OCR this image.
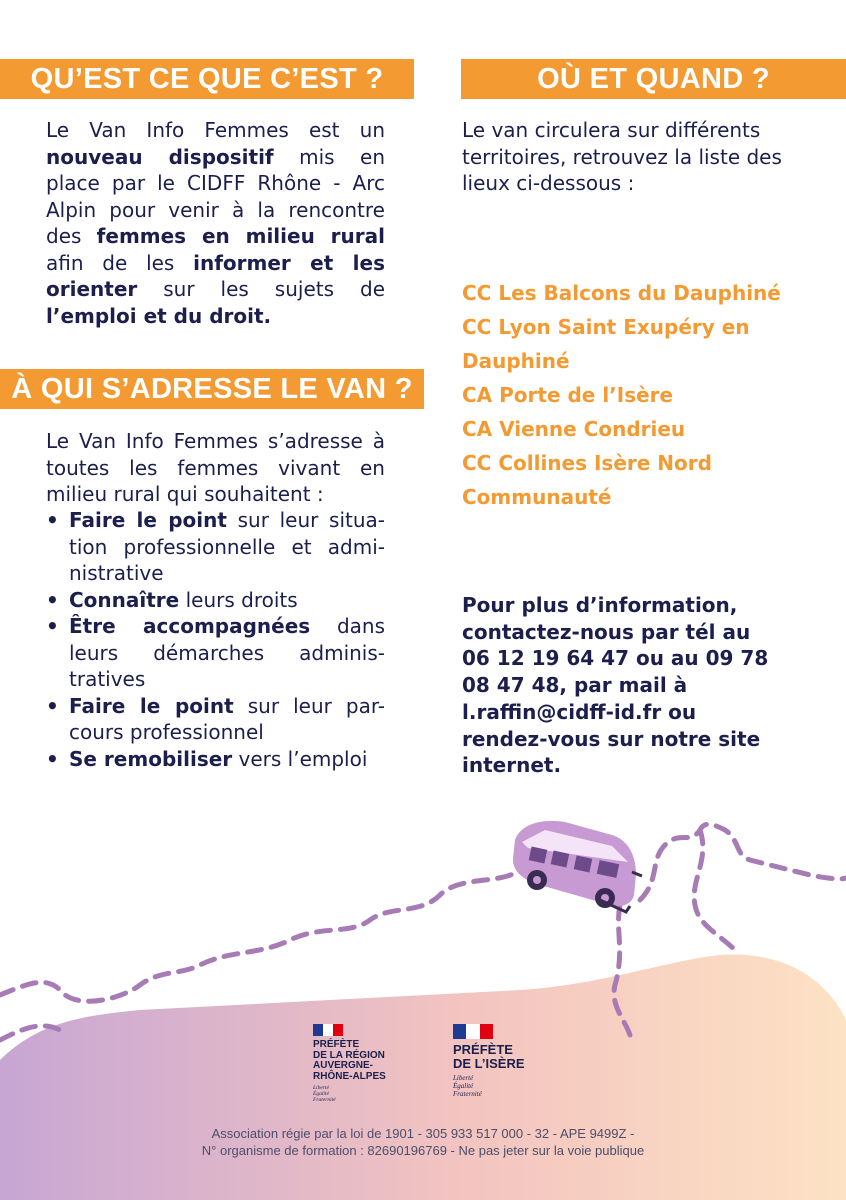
QU’EST CE QUE C’EST ?

Le Van Info Femmes est un nouveau dispositif mis en place par le CIDFF Rhône - Arc Alpin pour venir à la rencontre des femmes en milieu rural afin de les informer et les orienter sur les sujets de l’emploi et du droit.

OÙ ET QUAND ?

Le van circulera sur différents territoires, retrouvez la liste des lieux ci-dessous :

CC Les Balcons du Dauphiné
CC Lyon Saint Exupéry en
Dauphiné
CA Porte de l’Isère
CA Vienne Condrieu
CC Collines Isère Nord
Communauté
À QUI S’ADRESSE LE VAN ?

Le Van Info Femmes s’adresse à toutes les femmes vivant en milieu rural qui souhaitent :

• Faire le point sur leur situa-tion professionnelle et admi-nistrative
• Connaître leurs droits
• Être accompagnées dans leurs démarches adminis-tratives
• Faire le point sur leur par-cours professionnel
• Se remobiliser vers l’emploi

Pour plus d’information, contactez-nous par tél au 06 12 19 64 47 ou au 09 78 08 47 48, par mail à l.raffin@cidff-id.fr ou rendez-vous sur notre site internet.

PRÉFÈTE
DE LA RÉGION
AUVERGNE-
RHÔNE-ALPES
Liberté
Égalité
Fraternité
PRÉFÈTE
DE L’ISÈRE
Liberté
Égalité
Fraternité
Association régie par la loi de 1901 - 305 933 517 000 - 32 - APE 9499Z -
N° organisme de formation : 82690196769 - Ne pas jeter sur la voie publique
